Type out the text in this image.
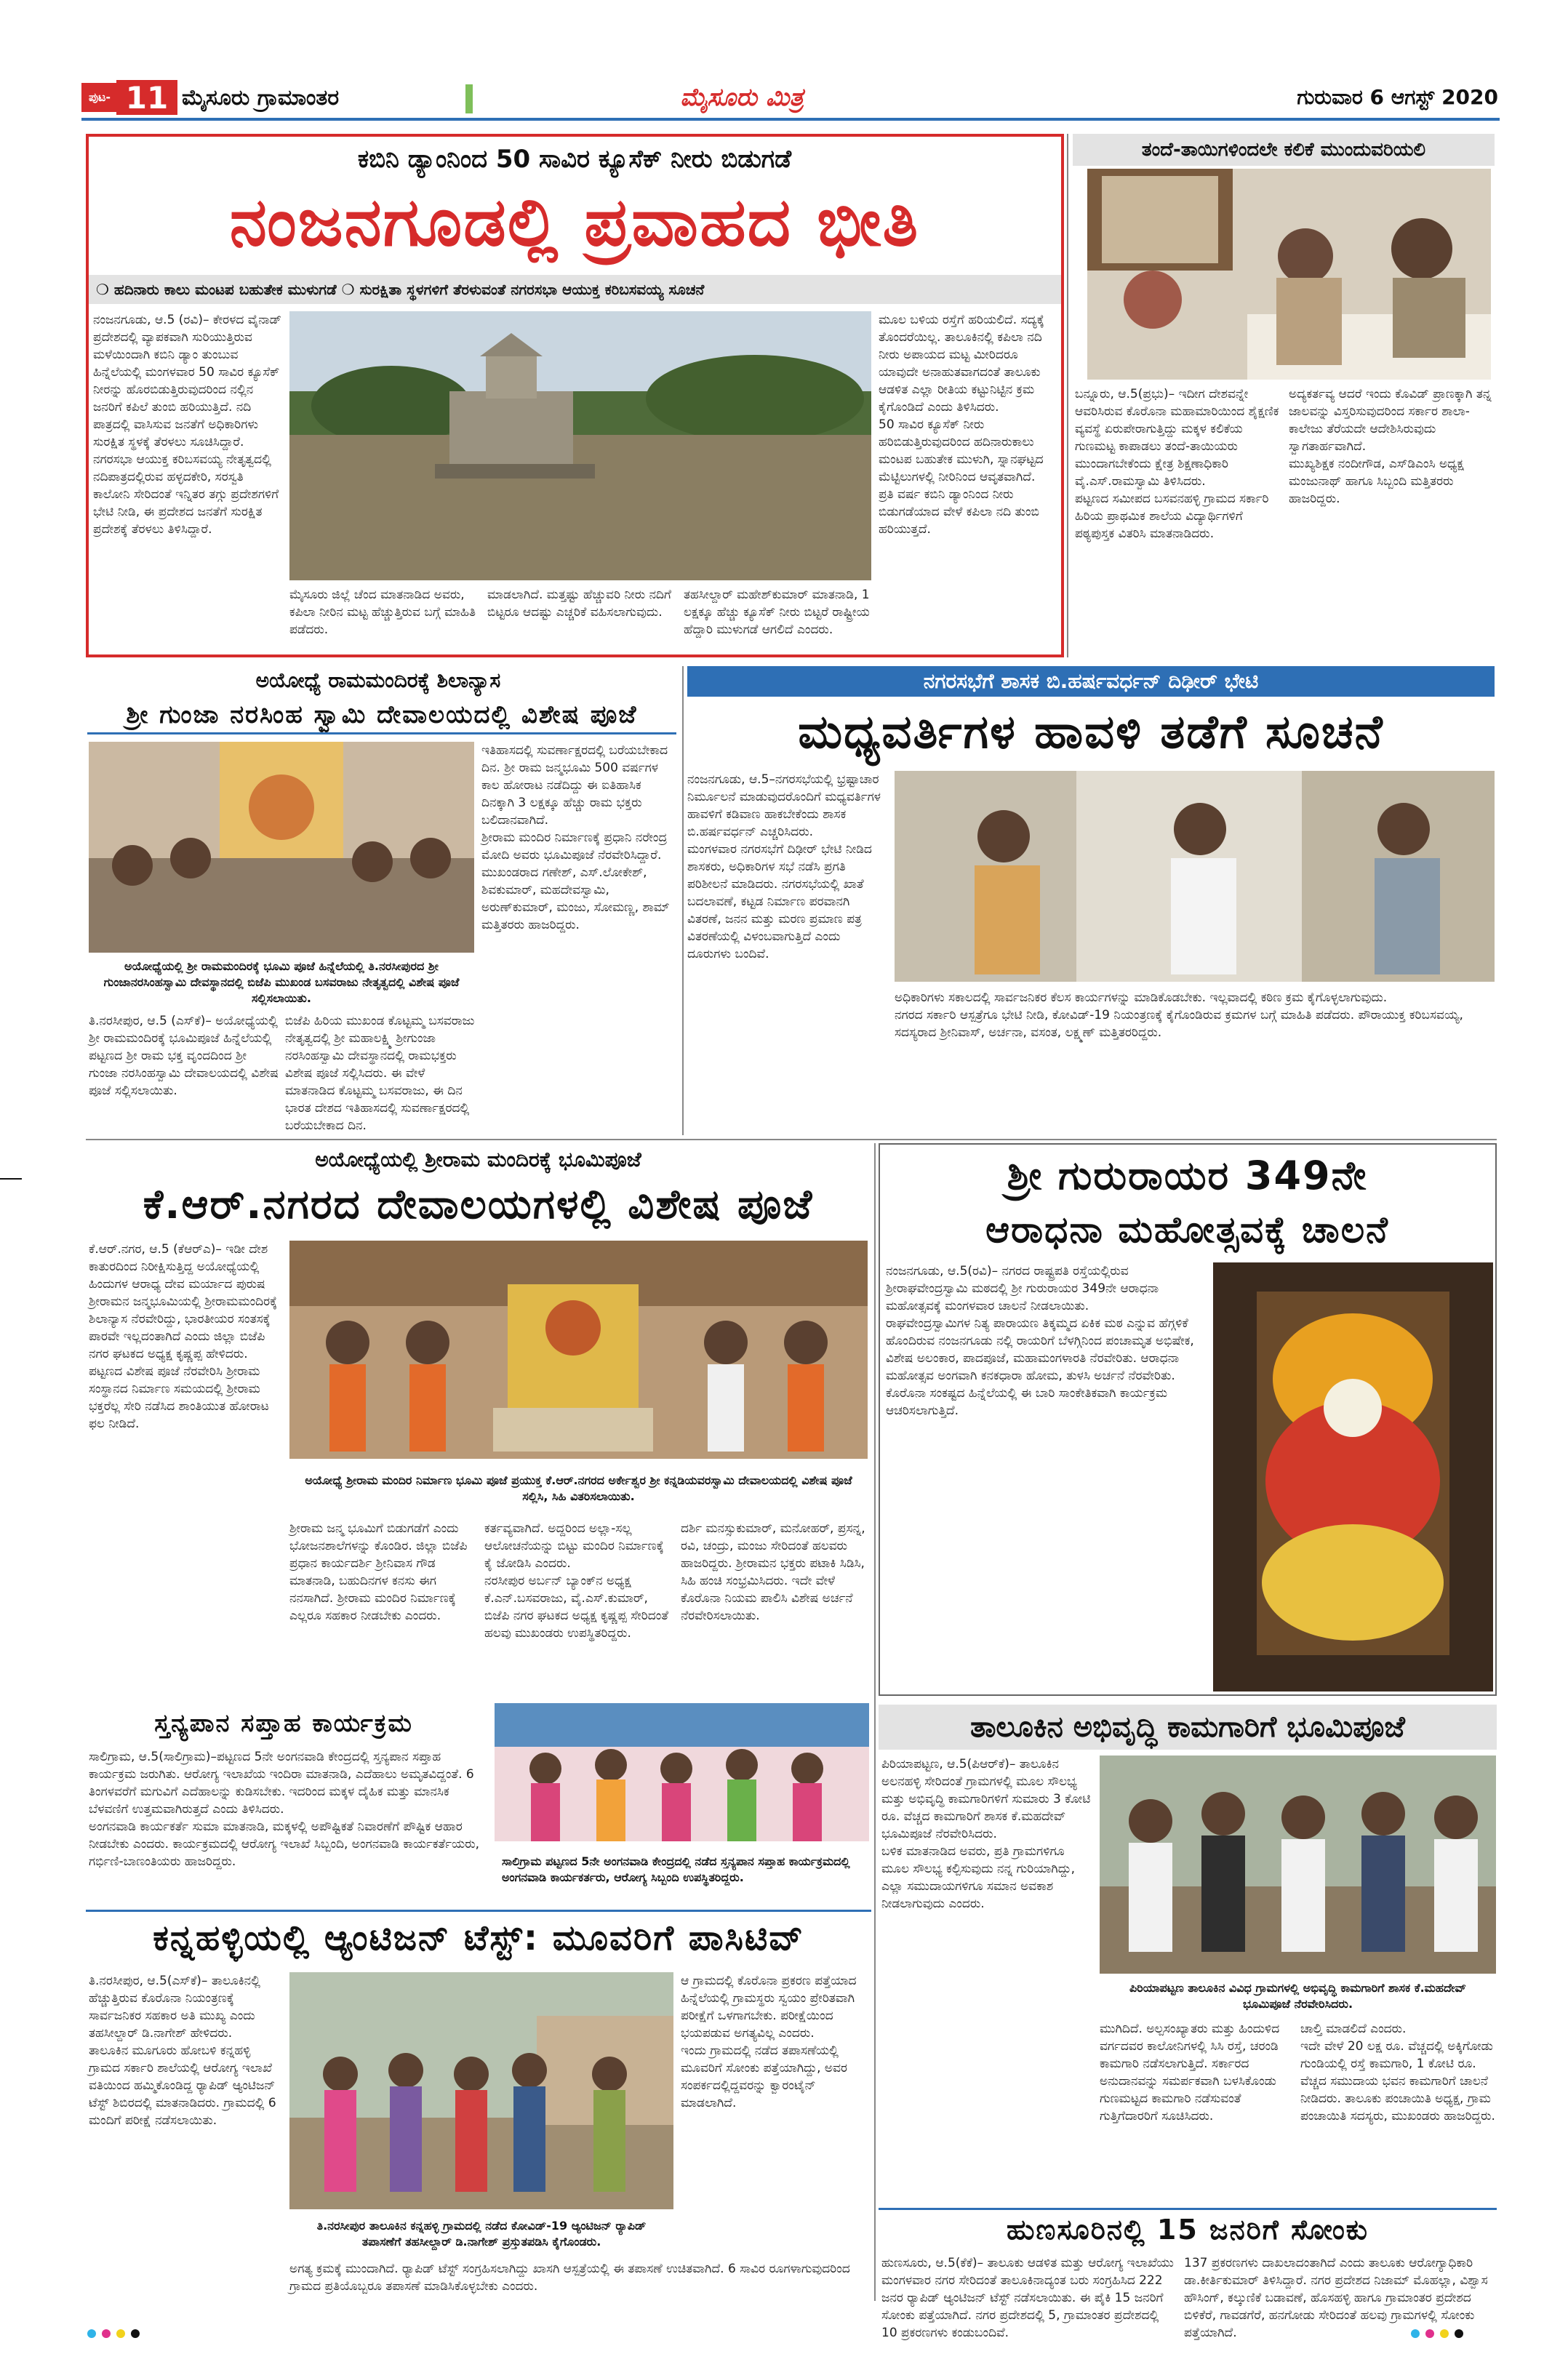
ಪುಟ- 11 ಮೈಸೂರು ಗ್ರಾಮಾಂತರ	ಮೈಸೂರು ಮಿತ್ರ	ಗುರುವಾರ 6 ಆಗಸ್ಟ್ 2020
ಕಬಿನಿ ಡ್ಯಾಂನಿಂದ 50 ಸಾವಿರ ಕ್ಯೂಸೆಕ್ ನೀರು ಬಿಡುಗಡೆ
ನಂಜನಗೂಡಲ್ಲಿ ಪ್ರವಾಹದ ಭೀತಿ
❍ ಹದಿನಾರು ಕಾಲು ಮಂಟಪ ಬಹುತೇಕ ಮುಳುಗಡೆ ❍ ಸುರಕ್ಷಿತಾ ಸ್ಥಳಗಳಿಗೆ ತೆರಳುವಂತೆ ನಗರಸಭಾ ಆಯುಕ್ತ ಕರಿಬಸವಯ್ಯ ಸೂಚನೆ
ನಂಜನಗೂಡು, ಆ.5 (ರವಿ)– ಕೇರಳದ ವೈನಾಡ್ ಪ್ರದೇಶದಲ್ಲಿ ವ್ಯಾಪಕವಾಗಿ ಸುರಿಯುತ್ತಿರುವ ಮಳೆಯಿಂದಾಗಿ ಕಬಿನಿ ಡ್ಯಾಂ ತುಂಬುವ ಹಿನ್ನೆಲೆಯಲ್ಲಿ ಮಂಗಳವಾರ 50 ಸಾವಿರ ಕ್ಯೂಸೆಕ್ ನೀರನ್ನು ಹೊರಬಿಡುತ್ತಿರುವುದರಿಂದ ನಲ್ಲಿನ ಜನರಿಗೆ ಕಪಿಲೆ ತುಂಬಿ ಹರಿಯುತ್ತಿದೆ. ನದಿ ಪಾತ್ರದಲ್ಲಿ ವಾಸಿಸುವ ಜನತೆಗೆ ಅಧಿಕಾರಿಗಳು ಸುರಕ್ಷಿತ ಸ್ಥಳಕ್ಕೆ ತೆರಳಲು ಸೂಚಿಸಿದ್ದಾರೆ.
ನಗರಸಭಾ ಆಯುಕ್ತ ಕರಿಬಸವಯ್ಯ ನೇತೃತ್ವದಲ್ಲಿ ನದಿಪಾತ್ರದಲ್ಲಿರುವ ಹಳ್ಳದಕೇರಿ, ಸರಸ್ವತಿ ಕಾಲೋನಿ ಸೇರಿದಂತೆ ಇನ್ನಿತರ ತಗ್ಗು ಪ್ರದೇಶಗಳಿಗೆ ಭೇಟಿ ನೀಡಿ, ಈ ಪ್ರದೇಶದ ಜನತೆಗೆ ಸುರಕ್ಷಿತ ಪ್ರದೇಶಕ್ಕೆ ತೆರಳಲು ತಿಳಿಸಿದ್ದಾರೆ.
ಮೈಸೂರು ಜಿಲ್ಲೆ ಚೆಂದ ಮಾತನಾಡಿದ ಅವರು, ಕಪಿಲಾ ನೀರಿನ ಮಟ್ಟ ಹೆಚ್ಚುತ್ತಿರುವ ಬಗ್ಗೆ ಮಾಹಿತಿ ಪಡೆದರು.
ಮಾಡಲಾಗಿದೆ. ಮತ್ತಷ್ಟು ಹೆಚ್ಚುವರಿ ನೀರು ನದಿಗೆ ಬಿಟ್ಟರೂ ಆದಷ್ಟು ಎಚ್ಚರಿಕೆ ವಹಿಸಲಾಗುವುದು.
ತಹಸೀಲ್ದಾರ್ ಮಹೇಶ್‌ಕುಮಾರ್ ಮಾತನಾಡಿ, 1 ಲಕ್ಷಕ್ಕೂ ಹೆಚ್ಚು ಕ್ಯೂಸೆಕ್ ನೀರು ಬಿಟ್ಟರೆ ರಾಷ್ಟ್ರೀಯ ಹೆದ್ದಾರಿ ಮುಳುಗಡೆ ಆಗಲಿದೆ ಎಂದರು.
ಮೂಲ ಬಳಿಯ ರಸ್ತೆಗೆ ಹರಿಯಲಿದೆ. ಸದ್ಯಕ್ಕೆ ತೊಂದರೆಯಿಲ್ಲ. ತಾಲೂಕಿನಲ್ಲಿ ಕಪಿಲಾ ನದಿ ನೀರು ಅಪಾಯದ ಮಟ್ಟ ಮೀರಿದರೂ ಯಾವುದೇ ಅನಾಹುತವಾಗದಂತೆ ತಾಲೂಕು ಆಡಳಿತ ಎಲ್ಲಾ ರೀತಿಯ ಕಟ್ಟುನಿಟ್ಟಿನ ಕ್ರಮ ಕೈಗೊಂಡಿದೆ ಎಂದು ತಿಳಿಸಿದರು.
50 ಸಾವಿರ ಕ್ಯೂಸೆಕ್ ನೀರು ಹರಿಬಿಡುತ್ತಿರುವುದರಿಂದ ಹದಿನಾರುಕಾಲು ಮಂಟಪ ಬಹುತೇಕ ಮುಳುಗಿ, ಸ್ನಾನಘಟ್ಟದ ಮೆಟ್ಟಿಲುಗಳಲ್ಲಿ ನೀರಿನಿಂದ ಆವೃತವಾಗಿದೆ.
ಪ್ರತಿ ವರ್ಷ ಕಬಿನಿ ಡ್ಯಾಂನಿಂದ ನೀರು ಬಿಡುಗಡೆಯಾದ ವೇಳೆ ಕಪಿಲಾ ನದಿ ತುಂಬಿ ಹರಿಯುತ್ತದೆ.
ತಂದೆ-ತಾಯಿಗಳಿಂದಲೇ ಕಲಿಕೆ ಮುಂದುವರಿಯಲಿ
ಬನ್ನೂರು, ಆ.5(ಪ್ರಭು)– ಇದೀಗ ದೇಶವನ್ನೇ ಆವರಿಸಿರುವ ಕೊರೊನಾ ಮಹಾಮಾರಿಯಿಂದ ಶೈಕ್ಷಣಿಕ ವ್ಯವಸ್ಥೆ ಏರುಪೇರಾಗುತ್ತಿದ್ದು ಮಕ್ಕಳ ಕಲಿಕೆಯ ಗುಣಮಟ್ಟ ಕಾಪಾಡಲು ತಂದೆ-ತಾಯಿಯರು ಮುಂದಾಗಬೇಕೆಂದು ಕ್ಷೇತ್ರ ಶಿಕ್ಷಣಾಧಿಕಾರಿ ವೈ.ಎಸ್.ರಾಮಸ್ವಾಮಿ ತಿಳಿಸಿದರು.
ಪಟ್ಟಣದ ಸಮೀಪದ ಬಸವನಹಳ್ಳಿ ಗ್ರಾಮದ ಸರ್ಕಾರಿ ಹಿರಿಯ ಪ್ರಾಥಮಿಕ ಶಾಲೆಯ ವಿದ್ಯಾರ್ಥಿಗಳಿಗೆ ಪಠ್ಯಪುಸ್ತಕ ವಿತರಿಸಿ ಮಾತನಾಡಿದರು.
ಅದ್ಯಕರ್ತವ್ಯ ಆದರೆ ಇಂದು ಕೊವಿಡ್ ಪ್ರಾಣಕ್ಕಾಗಿ ತನ್ನ ಜಾಲವನ್ನು ವಿಸ್ತರಿಸುವುದರಿಂದ ಸರ್ಕಾರ ಶಾಲಾ-ಕಾಲೇಜು ತೆರೆಯದೇ ಆದೇಶಿಸಿರುವುದು ಸ್ವಾಗತಾರ್ಹವಾಗಿದೆ.
ಮುಖ್ಯಶಿಕ್ಷಕ ನಂದೀಗೌಡ, ಎಸ್‌ಡಿಎಂಸಿ ಅಧ್ಯಕ್ಷ ಮಂಜುನಾಥ್ ಹಾಗೂ ಸಿಬ್ಬಂದಿ ಮತ್ತಿತರರು ಹಾಜರಿದ್ದರು.
ಅಯೋಧ್ಯೆ ರಾಮಮಂದಿರಕ್ಕೆ ಶಿಲಾನ್ಯಾಸ
ಶ್ರೀ ಗುಂಜಾ ನರಸಿಂಹ ಸ್ವಾಮಿ ದೇವಾಲಯದಲ್ಲಿ ವಿಶೇಷ ಪೂಜೆ
ಅಯೋಧ್ಯೆಯಲ್ಲಿ ಶ್ರೀ ರಾಮಮಂದಿರಕ್ಕೆ ಭೂಮಿ ಪೂಜೆ ಹಿನ್ನೆಲೆಯಲ್ಲಿ ತಿ.ನರಸೀಪುರದ ಶ್ರೀ ಗುಂಜಾನರಸಿಂಹಸ್ವಾಮಿ ದೇವಸ್ಥಾನದಲ್ಲಿ ಬಿಜೆಪಿ ಮುಖಂಡ ಬಸವರಾಜು ನೇತೃತ್ವದಲ್ಲಿ ವಿಶೇಷ ಪೂಜೆ ಸಲ್ಲಿಸಲಾಯಿತು.
ತಿ.ನರಸೀಪುರ, ಆ.5 (ಎಸ್‌ಕೆ)– ಅಯೋಧ್ಯೆಯಲ್ಲಿ ಶ್ರೀ ರಾಮಮಂದಿರಕ್ಕೆ ಭೂಮಿಪೂಜೆ ಹಿನ್ನೆಲೆಯಲ್ಲಿ ಪಟ್ಟಣದ ಶ್ರೀ ರಾಮ ಭಕ್ತ ವೃಂದದಿಂದ ಶ್ರೀ ಗುಂಜಾ ನರಸಿಂಹಸ್ವಾಮಿ ದೇವಾಲಯದಲ್ಲಿ ವಿಶೇಷ ಪೂಜೆ ಸಲ್ಲಿಸಲಾಯಿತು.
ಬಿಜೆಪಿ ಹಿರಿಯ ಮುಖಂಡ ಕೊಟ್ಟಮ್ಮ ಬಸವರಾಜು ನೇತೃತ್ವದಲ್ಲಿ ಶ್ರೀ ಮಹಾಲಕ್ಷ್ಮಿ ಶ್ರೀಗುಂಜಾ ನರಸಿಂಹಸ್ವಾಮಿ ದೇವಸ್ಥಾನದಲ್ಲಿ ರಾಮಭಕ್ತರು ವಿಶೇಷ ಪೂಜೆ ಸಲ್ಲಿಸಿದರು. ಈ ವೇಳೆ ಮಾತನಾಡಿದ ಕೊಟ್ಟಮ್ಮ ಬಸವರಾಜು, ಈ ದಿನ ಭಾರತ ದೇಶದ ಇತಿಹಾಸದಲ್ಲಿ ಸುವರ್ಣಾಕ್ಷರದಲ್ಲಿ ಬರೆಯಬೇಕಾದ ದಿನ.
ಇತಿಹಾಸದಲ್ಲಿ ಸುವರ್ಣಾಕ್ಷರದಲ್ಲಿ ಬರೆಯಬೇಕಾದ ದಿನ. ಶ್ರೀ ರಾಮ ಜನ್ಮಭೂಮಿ 500 ವರ್ಷಗಳ ಕಾಲ ಹೋರಾಟ ನಡೆದಿದ್ದು ಈ ಐತಿಹಾಸಿಕ ದಿನಕ್ಕಾಗಿ 3 ಲಕ್ಷಕ್ಕೂ ಹೆಚ್ಚು ರಾಮ ಭಕ್ತರು ಬಲಿದಾನವಾಗಿದೆ.
ಶ್ರೀರಾಮ ಮಂದಿರ ನಿರ್ಮಾಣಕ್ಕೆ ಪ್ರಧಾನಿ ನರೇಂದ್ರ ಮೋದಿ ಅವರು ಭೂಮಿಪೂಜೆ ನೆರವೇರಿಸಿದ್ದಾರೆ. ಮುಖಂಡರಾದ ಗಣೇಶ್, ಎಸ್.ಲೋಕೇಶ್, ಶಿವಕುಮಾರ್, ಮಹದೇವಸ್ವಾಮಿ, ಅರುಣ್‌ಕುಮಾರ್, ಮಂಜು, ಸೋಮಣ್ಣ, ಶಾಮ್ ಮತ್ತಿತರರು ಹಾಜರಿದ್ದರು.
ನಗರಸಭೆಗೆ ಶಾಸಕ ಬಿ.ಹರ್ಷವರ್ಧನ್ ದಿಢೀರ್ ಭೇಟಿ
ಮಧ್ಯವರ್ತಿಗಳ ಹಾವಳಿ ತಡೆಗೆ ಸೂಚನೆ
ನಂಜನಗೂಡು, ಆ.5–ನಗರಸಭೆಯಲ್ಲಿ ಭ್ರಷ್ಟಾಚಾರ ನಿರ್ಮೂಲನೆ ಮಾಡುವುದರೊಂದಿಗೆ ಮಧ್ಯವರ್ತಿಗಳ ಹಾವಳಿಗೆ ಕಡಿವಾಣ ಹಾಕಬೇಕೆಂದು ಶಾಸಕ ಬಿ.ಹರ್ಷವರ್ಧನ್ ಎಚ್ಚರಿಸಿದರು.
ಮಂಗಳವಾರ ನಗರಸಭೆಗೆ ದಿಢೀರ್ ಭೇಟಿ ನೀಡಿದ ಶಾಸಕರು, ಅಧಿಕಾರಿಗಳ ಸಭೆ ನಡೆಸಿ ಪ್ರಗತಿ ಪರಿಶೀಲನೆ ಮಾಡಿದರು. ನಗರಸಭೆಯಲ್ಲಿ ಖಾತೆ ಬದಲಾವಣೆ, ಕಟ್ಟಡ ನಿರ್ಮಾಣ ಪರವಾನಗಿ ವಿತರಣೆ, ಜನನ ಮತ್ತು ಮರಣ ಪ್ರಮಾಣ ಪತ್ರ ವಿತರಣೆಯಲ್ಲಿ ವಿಳಂಬವಾಗುತ್ತಿದೆ ಎಂದು ದೂರುಗಳು ಬಂದಿವೆ.
ಅಧಿಕಾರಿಗಳು ಸಕಾಲದಲ್ಲಿ ಸಾರ್ವಜನಿಕರ ಕೆಲಸ ಕಾರ್ಯಗಳನ್ನು ಮಾಡಿಕೊಡಬೇಕು. ಇಲ್ಲವಾದಲ್ಲಿ ಕಠಿಣ ಕ್ರಮ ಕೈಗೊಳ್ಳಲಾಗುವುದು.
ನಗರದ ಸರ್ಕಾರಿ ಆಸ್ಪತ್ರೆಗೂ ಭೇಟಿ ನೀಡಿ, ಕೋವಿಡ್-19 ನಿಯಂತ್ರಣಕ್ಕೆ ಕೈಗೊಂಡಿರುವ ಕ್ರಮಗಳ ಬಗ್ಗೆ ಮಾಹಿತಿ ಪಡೆದರು. ಪೌರಾಯುಕ್ತ ಕರಿಬಸವಯ್ಯ, ಸದಸ್ಯರಾದ ಶ್ರೀನಿವಾಸ್, ಅರ್ಚನಾ, ವಸಂತ, ಲಕ್ಷ್ಮಣ್ ಮತ್ತಿತರರಿದ್ದರು.
ಅಯೋಧ್ಯೆಯಲ್ಲಿ ಶ್ರೀರಾಮ ಮಂದಿರಕ್ಕೆ ಭೂಮಿಪೂಜೆ
ಕೆ.ಆರ್.ನಗರದ ದೇವಾಲಯಗಳಲ್ಲಿ ವಿಶೇಷ ಪೂಜೆ
ಕೆ.ಆರ್.ನಗರ, ಆ.5 (ಕೆಆರ್‌ಎ)– ಇಡೀ ದೇಶ ಕಾತುರದಿಂದ ನಿರೀಕ್ಷಿಸುತ್ತಿದ್ದ ಅಯೋಧ್ಯೆಯಲ್ಲಿ ಹಿಂದುಗಳ ಆರಾಧ್ಯ ದೇವ ಮರ್ಯಾದ ಪುರುಷ ಶ್ರೀರಾಮನ ಜನ್ಮಭೂಮಿಯಲ್ಲಿ ಶ್ರೀರಾಮಮಂದಿರಕ್ಕೆ ಶಿಲಾನ್ಯಾಸ ನೆರವೇರಿದ್ದು, ಭಾರತೀಯರ ಸಂತಸಕ್ಕೆ ಪಾರವೇ ಇಲ್ಲದಂತಾಗಿದೆ ಎಂದು ಜಿಲ್ಲಾ ಬಿಜೆಪಿ ನಗರ ಘಟಕದ ಅಧ್ಯಕ್ಷ ಕೃಷ್ಣಪ್ಪ ಹೇಳಿದರು.
ಪಟ್ಟಣದ ವಿಶೇಷ ಪೂಜೆ ನೆರವೇರಿಸಿ ಶ್ರೀರಾಮ ಸಂಸ್ಥಾನದ ನಿರ್ಮಾಣ ಸಮಯದಲ್ಲಿ ಶ್ರೀರಾಮ ಭಕ್ತರೆಲ್ಲ ಸೇರಿ ನಡೆಸಿದ ಶಾಂತಿಯುತ ಹೋರಾಟ ಫಲ ನೀಡಿದೆ.
ಅಯೋಧ್ಯೆ ಶ್ರೀರಾಮ ಮಂದಿರ ನಿರ್ಮಾಣ ಭೂಮಿ ಪೂಜೆ ಪ್ರಯುಕ್ತ ಕೆ.ಆರ್.ನಗರದ ಅರ್ಕೇಶ್ವರ ಶ್ರೀ ಕನ್ನಡಿಯವರಸ್ವಾಮಿ ದೇವಾಲಯದಲ್ಲಿ ವಿಶೇಷ ಪೂಜೆ ಸಲ್ಲಿಸಿ, ಸಿಹಿ ವಿತರಿಸಲಾಯಿತು.
ಶ್ರೀರಾಮ ಜನ್ಮ ಭೂಮಿಗೆ ಬಿಡುಗಡೆಗೆ ಎಂದು ಭೋಜನಶಾಲೆಗಳನ್ನು ಕೊಂಡಿರ. ಜಿಲ್ಲಾ ಬಿಜೆಪಿ ಪ್ರಧಾನ ಕಾರ್ಯದರ್ಶಿ ಶ್ರೀನಿವಾಸ ಗೌಡ ಮಾತನಾಡಿ, ಬಹುದಿನಗಳ ಕನಸು ಈಗ ನನಸಾಗಿದೆ. ಶ್ರೀರಾಮ ಮಂದಿರ ನಿರ್ಮಾಣಕ್ಕೆ ಎಲ್ಲರೂ ಸಹಕಾರ ನೀಡಬೇಕು ಎಂದರು.
ಕರ್ತವ್ಯವಾಗಿದೆ. ಅದ್ದರಿಂದ ಅಲ್ಲಾ-ಸಲ್ಲ ಆಲೋಚನೆಯನ್ನು ಬಿಟ್ಟು ಮಂದಿರ ನಿರ್ಮಾಣಕ್ಕೆ ಕೈ ಜೋಡಿಸಿ ಎಂದರು.
ನರಸೀಪುರ ಅರ್ಬನ್ ಬ್ಯಾಂಕ್‌ನ ಅಧ್ಯಕ್ಷ ಕೆ.ಎನ್.ಬಸವರಾಜು, ವೈ.ಎಸ್.ಕುಮಾರ್, ಬಿಜೆಪಿ ನಗರ ಘಟಕದ ಅಧ್ಯಕ್ಷ ಕೃಷ್ಣಪ್ಪ ಸೇರಿದಂತೆ ಹಲವು ಮುಖಂಡರು ಉಪಸ್ಥಿತರಿದ್ದರು.
ದರ್ಶಿ ಮನಸ್ಸುಕುಮಾರ್, ಮನೋಹರ್, ಪ್ರಸನ್ನ, ರವಿ, ಚಂದ್ರು, ಮಂಜು ಸೇರಿದಂತೆ ಹಲವರು ಹಾಜರಿದ್ದರು. ಶ್ರೀರಾಮನ ಭಕ್ತರು ಪಟಾಕಿ ಸಿಡಿಸಿ, ಸಿಹಿ ಹಂಚಿ ಸಂಭ್ರಮಿಸಿದರು. ಇದೇ ವೇಳೆ ಕೊರೊನಾ ನಿಯಮ ಪಾಲಿಸಿ ವಿಶೇಷ ಅರ್ಚನೆ ನೆರವೇರಿಸಲಾಯಿತು.
ಶ್ರೀ ಗುರುರಾಯರ 349ನೇ
ಆರಾಧನಾ ಮಹೋತ್ಸವಕ್ಕೆ ಚಾಲನೆ
ನಂಜನಗೂಡು, ಆ.5(ರವಿ)– ನಗರದ ರಾಷ್ಟ್ರಪತಿ ರಸ್ತೆಯಲ್ಲಿರುವ ಶ್ರೀರಾಘವೇಂದ್ರಸ್ವಾಮಿ ಮಠದಲ್ಲಿ ಶ್ರೀ ಗುರುರಾಯರ 349ನೇ ಆರಾಧನಾ ಮಹೋತ್ಸವಕ್ಕೆ ಮಂಗಳವಾರ ಚಾಲನೆ ನೀಡಲಾಯಿತು.
ರಾಘವೇಂದ್ರಸ್ವಾಮಿಗಳ ನಿತ್ಯ ಪಾರಾಯಣ ತಿಕ್ಕಮ್ಮದ ಏಕಿಕ ಮಠ ಎನ್ನುವ ಹೆಗ್ಗಳಿಕೆ ಹೊಂದಿರುವ ನಂಜನಗೂಡು ನಲ್ಲಿ ರಾಯರಿಗೆ ಬೆಳಗ್ಗಿನಿಂದ ಪಂಚಾಮೃತ ಅಭಿಷೇಕ, ವಿಶೇಷ ಅಲಂಕಾರ, ಪಾದಪೂಜೆ, ಮಹಾಮಂಗಳಾರತಿ ನೆರವೇರಿತು. ಆರಾಧನಾ ಮಹೋತ್ಸವ ಅಂಗವಾಗಿ ಕನಕಧಾರಾ ಹೋಮ, ತುಳಸಿ ಅರ್ಚನೆ ನೆರವೇರಿತು. ಕೊರೊನಾ ಸಂಕಷ್ಟದ ಹಿನ್ನೆಲೆಯಲ್ಲಿ ಈ ಬಾರಿ ಸಾಂಕೇತಿಕವಾಗಿ ಕಾರ್ಯಕ್ರಮ ಆಚರಿಸಲಾಗುತ್ತಿದೆ.
ತಾಲೂಕಿನ ಅಭಿವೃದ್ಧಿ ಕಾಮಗಾರಿಗೆ ಭೂಮಿಪೂಜೆ
ಪಿರಿಯಾಪಟ್ಟಣ, ಆ.5(ಪಿಆರ್‌ಕೆ)– ತಾಲೂಕಿನ ಅಲನಹಳ್ಳಿ ಸೇರಿದಂತೆ ಗ್ರಾಮಗಳಲ್ಲಿ ಮೂಲ ಸೌಲಭ್ಯ ಮತ್ತು ಅಭಿವೃದ್ಧಿ ಕಾಮಗಾರಿಗಳಿಗೆ ಸುಮಾರು 3 ಕೋಟಿ ರೂ. ವೆಚ್ಚದ ಕಾಮಗಾರಿಗೆ ಶಾಸಕ ಕೆ.ಮಹದೇವ್ ಭೂಮಿಪೂಜೆ ನೆರವೇರಿಸಿದರು.
ಬಳಿಕ ಮಾತನಾಡಿದ ಅವರು, ಪ್ರತಿ ಗ್ರಾಮಗಳಿಗೂ ಮೂಲ ಸೌಲಭ್ಯ ಕಲ್ಪಿಸುವುದು ನನ್ನ ಗುರಿಯಾಗಿದ್ದು, ಎಲ್ಲಾ ಸಮುದಾಯಗಳಿಗೂ ಸಮಾನ ಅವಕಾಶ ನೀಡಲಾಗುವುದು ಎಂದರು.
ಪಿರಿಯಾಪಟ್ಟಣ ತಾಲೂಕಿನ ವಿವಿಧ ಗ್ರಾಮಗಳಲ್ಲಿ ಅಭಿವೃದ್ಧಿ ಕಾಮಗಾರಿಗೆ ಶಾಸಕ ಕೆ.ಮಹದೇವ್ ಭೂಮಿಪೂಜೆ ನೆರವೇರಿಸಿದರು.
ಮುಗಿದಿದೆ. ಅಲ್ಪಸಂಖ್ಯಾತರು ಮತ್ತು ಹಿಂದುಳಿದ ವರ್ಗದವರ ಕಾಲೋನಿಗಳಲ್ಲಿ ಸಿಸಿ ರಸ್ತೆ, ಚರಂಡಿ ಕಾಮಗಾರಿ ನಡೆಸಲಾಗುತ್ತಿದೆ. ಸರ್ಕಾರದ ಅನುದಾನವನ್ನು ಸಮರ್ಪಕವಾಗಿ ಬಳಸಿಕೊಂಡು ಗುಣಮಟ್ಟದ ಕಾಮಗಾರಿ ನಡೆಸುವಂತೆ ಗುತ್ತಿಗೆದಾರರಿಗೆ ಸೂಚಿಸಿದರು.
ಚಾಲ್ತಿ ಮಾಡಲಿದೆ ಎಂದರು.
ಇದೇ ವೇಳೆ 20 ಲಕ್ಷ ರೂ. ವೆಚ್ಚದಲ್ಲಿ ಅಕ್ಕಿಗೋಡು ಗುಂಡಿಯಲ್ಲಿ ರಸ್ತೆ ಕಾಮಗಾರಿ, 1 ಕೋಟಿ ರೂ. ವೆಚ್ಚದ ಸಮುದಾಯ ಭವನ ಕಾಮಗಾರಿಗೆ ಚಾಲನೆ ನೀಡಿದರು. ತಾಲೂಕು ಪಂಚಾಯಿತಿ ಅಧ್ಯಕ್ಷ, ಗ್ರಾಮ ಪಂಚಾಯಿತಿ ಸದಸ್ಯರು, ಮುಖಂಡರು ಹಾಜರಿದ್ದರು.
ಸ್ತನ್ಯಪಾನ ಸಪ್ತಾಹ ಕಾರ್ಯಕ್ರಮ
ಸಾಲಿಗ್ರಾಮ, ಆ.5(ಸಾಲಿಗ್ರಾಮ)–ಪಟ್ಟಣದ 5ನೇ ಅಂಗನವಾಡಿ ಕೇಂದ್ರದಲ್ಲಿ ಸ್ತನ್ಯಪಾನ ಸಪ್ತಾಹ ಕಾರ್ಯಕ್ರಮ ಜರುಗಿತು. ಆರೋಗ್ಯ ಇಲಾಖೆಯ ಇಂದಿರಾ ಮಾತನಾಡಿ, ಎದೆಹಾಲು ಅಮೃತವಿದ್ದಂತೆ. 6 ತಿಂಗಳವರೆಗೆ ಮಗುವಿಗೆ ಎದೆಹಾಲನ್ನು ಕುಡಿಸಬೇಕು. ಇದರಿಂದ ಮಕ್ಕಳ ದೈಹಿಕ ಮತ್ತು ಮಾನಸಿಕ ಬೆಳವಣಿಗೆ ಉತ್ತಮವಾಗಿರುತ್ತದೆ ಎಂದು ತಿಳಿಸಿದರು.
ಅಂಗನವಾಡಿ ಕಾರ್ಯಕರ್ತೆ ಸುಮಾ ಮಾತನಾಡಿ, ಮಕ್ಕಳಲ್ಲಿ ಅಪೌಷ್ಟಿಕತೆ ನಿವಾರಣೆಗೆ ಪೌಷ್ಟಿಕ ಆಹಾರ ನೀಡಬೇಕು ಎಂದರು. ಕಾರ್ಯಕ್ರಮದಲ್ಲಿ ಆರೋಗ್ಯ ಇಲಾಖೆ ಸಿಬ್ಬಂದಿ, ಅಂಗನವಾಡಿ ಕಾರ್ಯಕರ್ತೆಯರು, ಗರ್ಭಿಣಿ-ಬಾಣಂತಿಯರು ಹಾಜರಿದ್ದರು.	ಸಾಲಿಗ್ರಾಮ ಪಟ್ಟಣದ 5ನೇ ಅಂಗನವಾಡಿ ಕೇಂದ್ರದಲ್ಲಿ ನಡೆದ ಸ್ತನ್ಯಪಾನ ಸಪ್ತಾಹ ಕಾರ್ಯಕ್ರಮದಲ್ಲಿ ಅಂಗನವಾಡಿ ಕಾರ್ಯಕರ್ತರು, ಆರೋಗ್ಯ ಸಿಬ್ಬಂದಿ ಉಪಸ್ಥಿತರಿದ್ದರು.
ಕನ್ನಹಳ್ಳಿಯಲ್ಲಿ ಆ್ಯಂಟಿಜನ್ ಟೆಸ್ಟ್: ಮೂವರಿಗೆ ಪಾಸಿಟಿವ್
ತಿ.ನರಸೀಪುರ, ಆ.5(ಎಸ್‌ಕೆ)– ತಾಲೂಕಿನಲ್ಲಿ ಹೆಚ್ಚುತ್ತಿರುವ ಕೊರೊನಾ ನಿಯಂತ್ರಣಕ್ಕೆ ಸಾರ್ವಜನಿಕರ ಸಹಕಾರ ಅತಿ ಮುಖ್ಯ ಎಂದು ತಹಸೀಲ್ದಾರ್ ಡಿ.ನಾಗೇಶ್ ಹೇಳಿದರು.
ತಾಲೂಕಿನ ಮೂಗೂರು ಹೋಬಳಿ ಕನ್ನಹಳ್ಳಿ ಗ್ರಾಮದ ಸರ್ಕಾರಿ ಶಾಲೆಯಲ್ಲಿ ಆರೋಗ್ಯ ಇಲಾಖೆ ವತಿಯಿಂದ ಹಮ್ಮಿಕೊಂಡಿದ್ದ ರ‍್ಯಾಪಿಡ್ ಆ್ಯಂಟಿಜನ್ ಟೆಸ್ಟ್ ಶಿಬಿರದಲ್ಲಿ ಮಾತನಾಡಿದರು. ಗ್ರಾಮದಲ್ಲಿ 6 ಮಂದಿಗೆ ಪರೀಕ್ಷೆ ನಡೆಸಲಾಯಿತು.
ತಿ.ನರಸೀಪುರ ತಾಲೂಕಿನ ಕನ್ನಹಳ್ಳಿ ಗ್ರಾಮದಲ್ಲಿ ನಡೆದ ಕೋವಿಡ್-19 ಆ್ಯಂಟಿಜನ್ ರ‍್ಯಾಪಿಡ್ ತಪಾಸಣೆಗೆ ತಹಸೀಲ್ದಾರ್ ಡಿ.ನಾಗೇಶ್ ಪ್ರಸ್ತುತಪಡಿಸಿ ಕೈಗೊಂಡರು.
ಆ ಗ್ರಾಮದಲ್ಲಿ ಕೊರೊನಾ ಪ್ರಕರಣ ಪತ್ತೆಯಾದ ಹಿನ್ನೆಲೆಯಲ್ಲಿ ಗ್ರಾಮಸ್ಥರು ಸ್ವಯಂ ಪ್ರೇರಿತವಾಗಿ ಪರೀಕ್ಷೆಗೆ ಒಳಗಾಗಬೇಕು. ಪರೀಕ್ಷೆಯಿಂದ ಭಯಪಡುವ ಅಗತ್ಯವಿಲ್ಲ ಎಂದರು.
ಇಂದು ಗ್ರಾಮದಲ್ಲಿ ನಡೆದ ತಪಾಸಣೆಯಲ್ಲಿ ಮೂವರಿಗೆ ಸೋಂಕು ಪತ್ತೆಯಾಗಿದ್ದು, ಅವರ ಸಂಪರ್ಕದಲ್ಲಿದ್ದವರನ್ನು ಕ್ವಾರಂಟೈನ್ ಮಾಡಲಾಗಿದೆ.
ಅಗತ್ಯ ಕ್ರಮಕ್ಕೆ ಮುಂದಾಗಿದೆ. ರ‍್ಯಾಪಿಡ್ ಟೆಸ್ಟ್ ಸಂಗ್ರಹಿಸಲಾಗಿದ್ದು ಖಾಸಗಿ ಆಸ್ಪತ್ರೆಯಲ್ಲಿ ಈ ತಪಾಸಣೆ ಉಚಿತವಾಗಿದೆ. 6 ಸಾವಿರ ರೂಗಳಾಗುವುದರಿಂದ ಗ್ರಾಮದ ಪ್ರತಿಯೊಬ್ಬರೂ ತಪಾಸಣೆ ಮಾಡಿಸಿಕೊಳ್ಳಬೇಕು ಎಂದರು.
ಹುಣಸೂರಿನಲ್ಲಿ 15 ಜನರಿಗೆ ಸೋಂಕು
ಹುಣಸೂರು, ಆ.5(ಕೆಕೆ)– ತಾಲೂಕು ಆಡಳಿತ ಮತ್ತು ಆರೋಗ್ಯ ಇಲಾಖೆಯು ಮಂಗಳವಾರ ನಗರ ಸೇರಿದಂತೆ ತಾಲೂಕಿನಾದ್ಯಂತ ಬರು ಸಂಗ್ರಹಿಸಿದ 222 ಜನರ ರ‍್ಯಾಪಿಡ್ ಆ್ಯಂಟಿಜನ್ ಟೆಸ್ಟ್ ನಡೆಸಲಾಯಿತು. ಈ ಪೈಕಿ 15 ಜನರಿಗೆ ಸೋಂಕು ಪತ್ತೆಯಾಗಿದೆ. ನಗರ ಪ್ರದೇಶದಲ್ಲಿ 5, ಗ್ರಾಮಾಂತರ ಪ್ರದೇಶದಲ್ಲಿ 10 ಪ್ರಕರಣಗಳು ಕಂಡುಬಂದಿವೆ.
137 ಪ್ರಕರಣಗಳು ದಾಖಲಾದಂತಾಗಿದೆ ಎಂದು ತಾಲೂಕು ಆರೋಗ್ಯಾಧಿಕಾರಿ ಡಾ.ಕೀರ್ತಿಕುಮಾರ್ ತಿಳಿಸಿದ್ದಾರೆ. ನಗರ ಪ್ರದೇಶದ ನಿಜಾಮ್ ಮೊಹಲ್ಲಾ, ವಿಶ್ವಾಸ ಹೌಸಿಂಗ್, ಕಲ್ಕುಣಿಕೆ ಬಡಾವಣೆ, ಹೊಸಹಳ್ಳಿ ಹಾಗೂ ಗ್ರಾಮಾಂತರ ಪ್ರದೇಶದ ಬಿಳಿಕೆರೆ, ಗಾವಡಗೆರೆ, ಹನಗೋಡು ಸೇರಿದಂತೆ ಹಲವು ಗ್ರಾಮಗಳಲ್ಲಿ ಸೋಂಕು ಪತ್ತೆಯಾಗಿದೆ.
